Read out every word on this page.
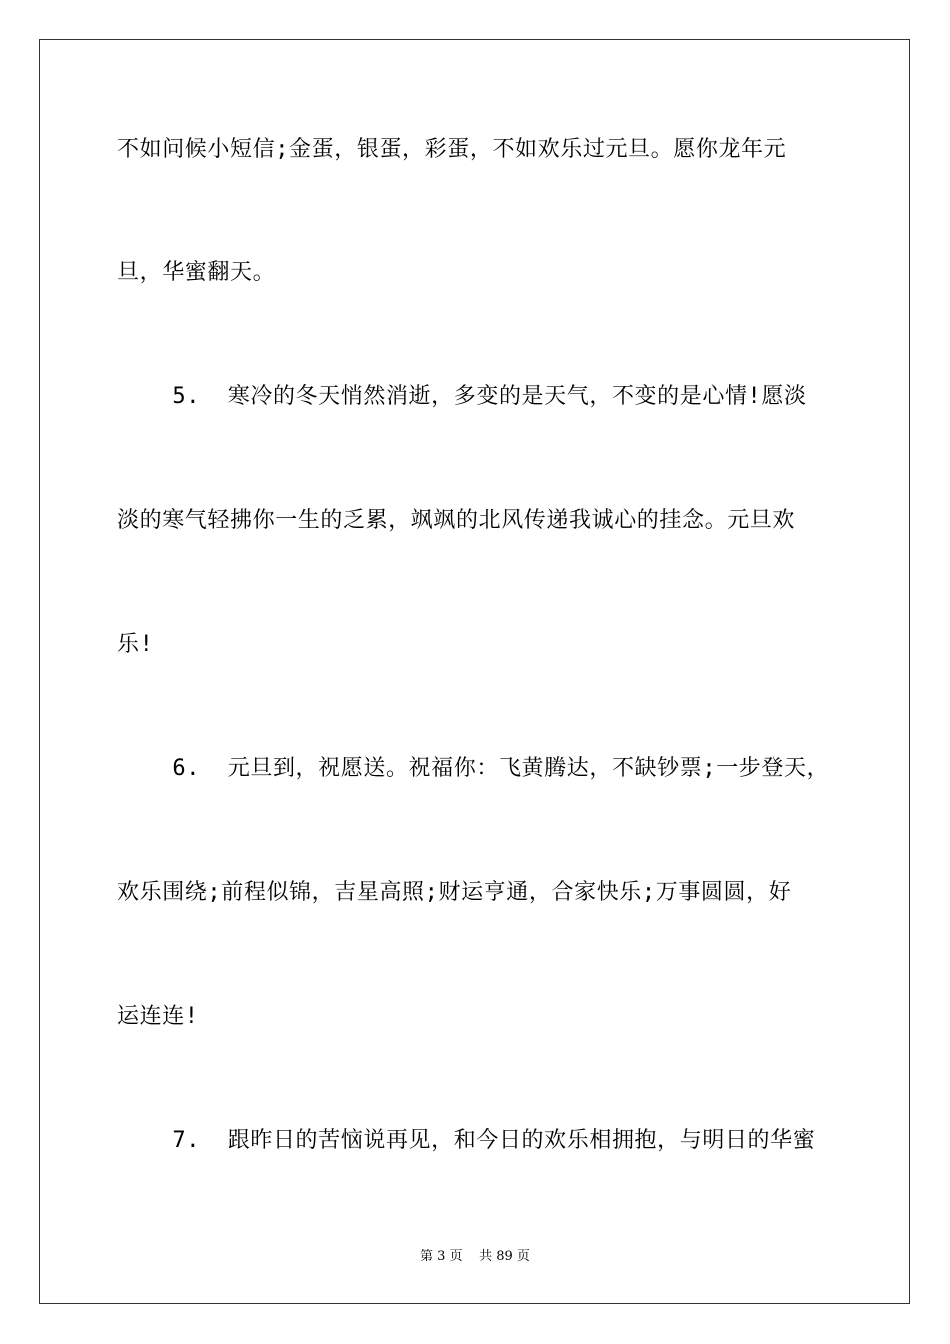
不如问候小短信;金蛋，银蛋，彩蛋，不如欢乐过元旦。愿你龙年元
旦，华蜜翻天。
5.  寒冷的冬天悄然消逝，多变的是天气，不变的是心情!愿淡
淡的寒气轻拂你一生的乏累，飒飒的北风传递我诚心的挂念。元旦欢
乐!
6.  元旦到，祝愿送。祝福你：飞黄腾达，不缺钞票;一步登天，
欢乐围绕;前程似锦，吉星高照;财运亨通，合家快乐;万事圆圆，好
运连连!
7.  跟昨日的苦恼说再见，和今日的欢乐相拥抱，与明日的华蜜
第 3 页 共 89 页
